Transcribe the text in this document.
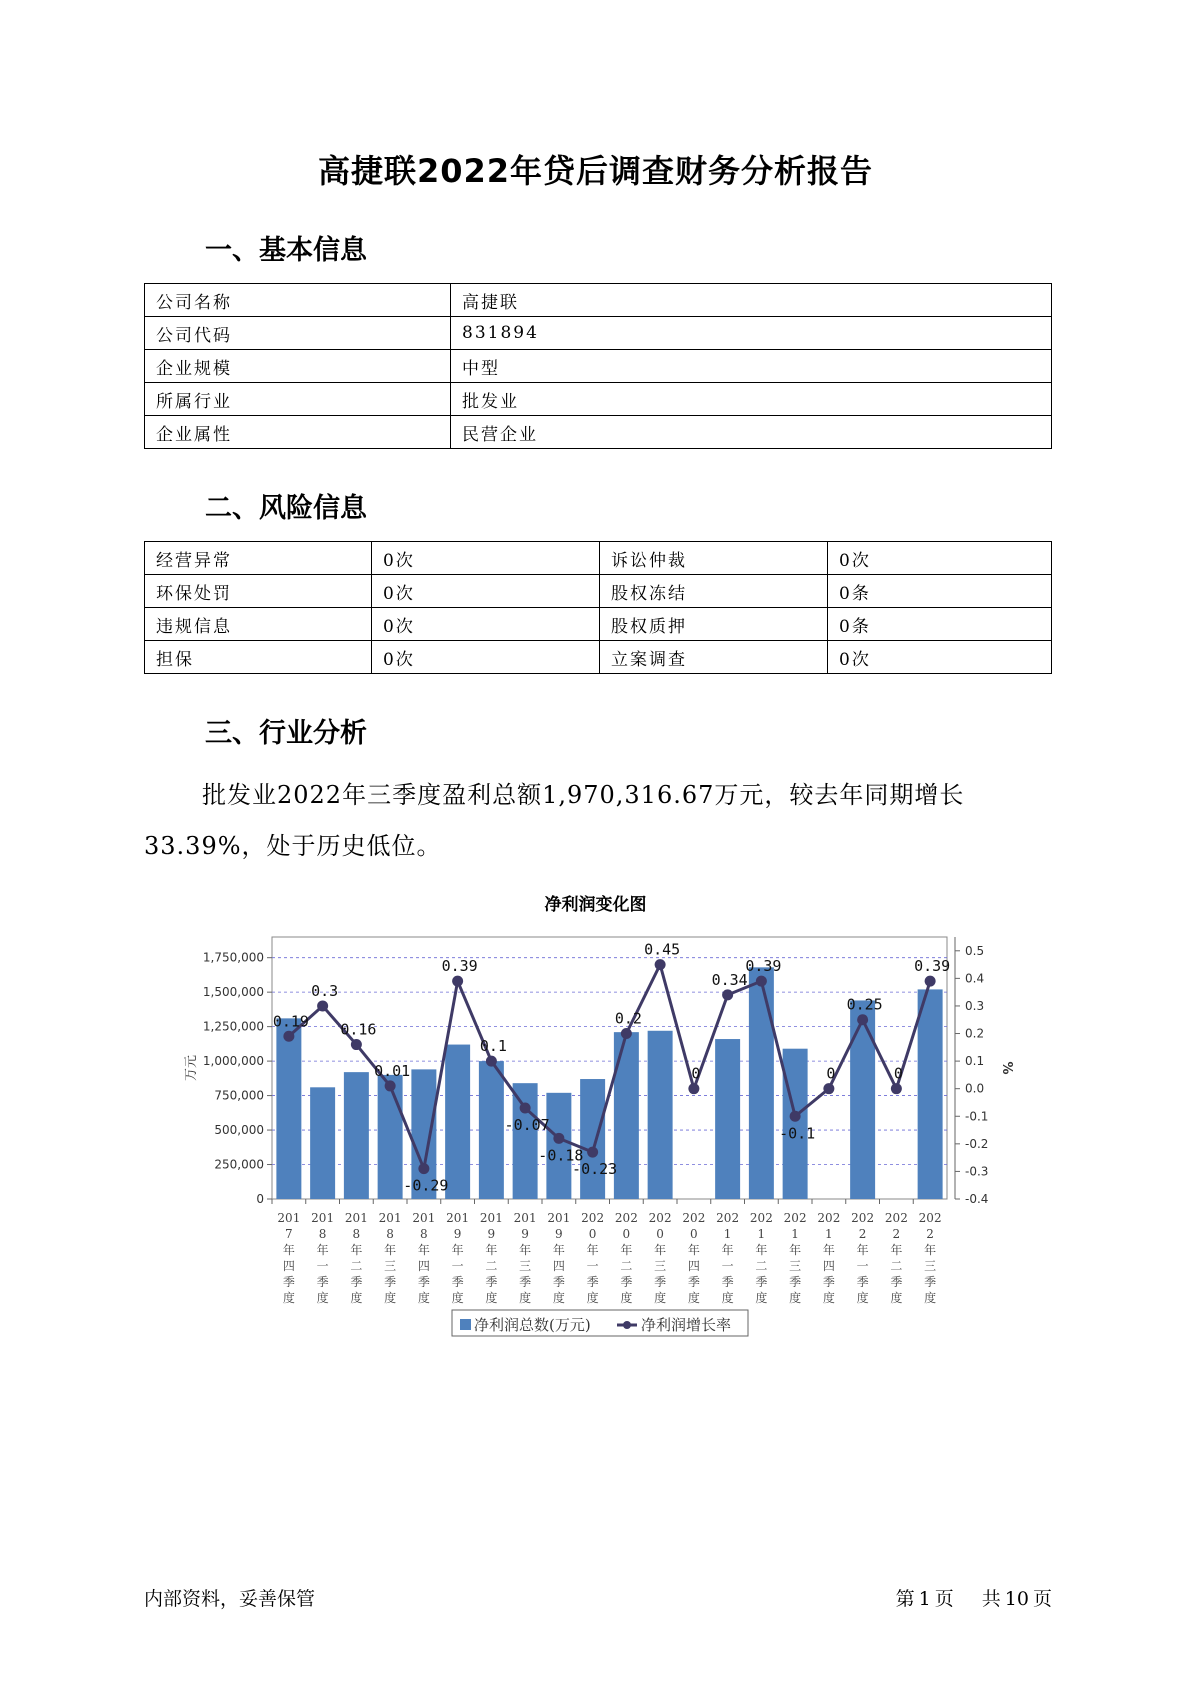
高捷联2022年贷后调查财务分析报告
一、基本信息
公司名称	高捷联
公司代码	831894
企业规模	中型
所属行业	批发业
企业属性	民营企业
二、风险信息
经营异常	0次	诉讼仲裁	0次
环保处罚	0次	股权冻结	0条
违规信息	0次	股权质押	0条
担保	0次	立案调查	0次
三、行业分析
批发业2022年三季度盈利总额1,970,316.67万元，较去年同期增长
33.39%，处于历史低位。
净利润变化图
0
250,000
500,000
750,000
1,000,000
1,250,000
1,500,000
1,750,000
-0.4
-0.3
-0.2
-0.1
0.0
0.1
0.2
0.3
0.4
0.5
万元	%
201 7 年四季度
201 8 年一季度
201 8 年二季度
201 8 年三季度
201 8 年四季度
201 9 年一季度
201 9 年二季度
201 9 年三季度
201 9 年四季度
202 0 年一季度
202 0 年二季度
202 0 年三季度
202 0 年四季度
202 1 年一季度
202 1 年二季度
202 1 年三季度
202 1 年四季度
202 2 年一季度
202 2 年二季度
202 2 年三季度
0.19
0.3
0.16
0.01
-0.29
0.39
0.1
-0.07
-0.18
-0.23
0.2
0.45
0
0.34
0.39
-0.1
0
0.25
0
0.39
净利润总数(万元)	净利润增长率
内部资料，妥善保管	第 1 页 共 10 页
